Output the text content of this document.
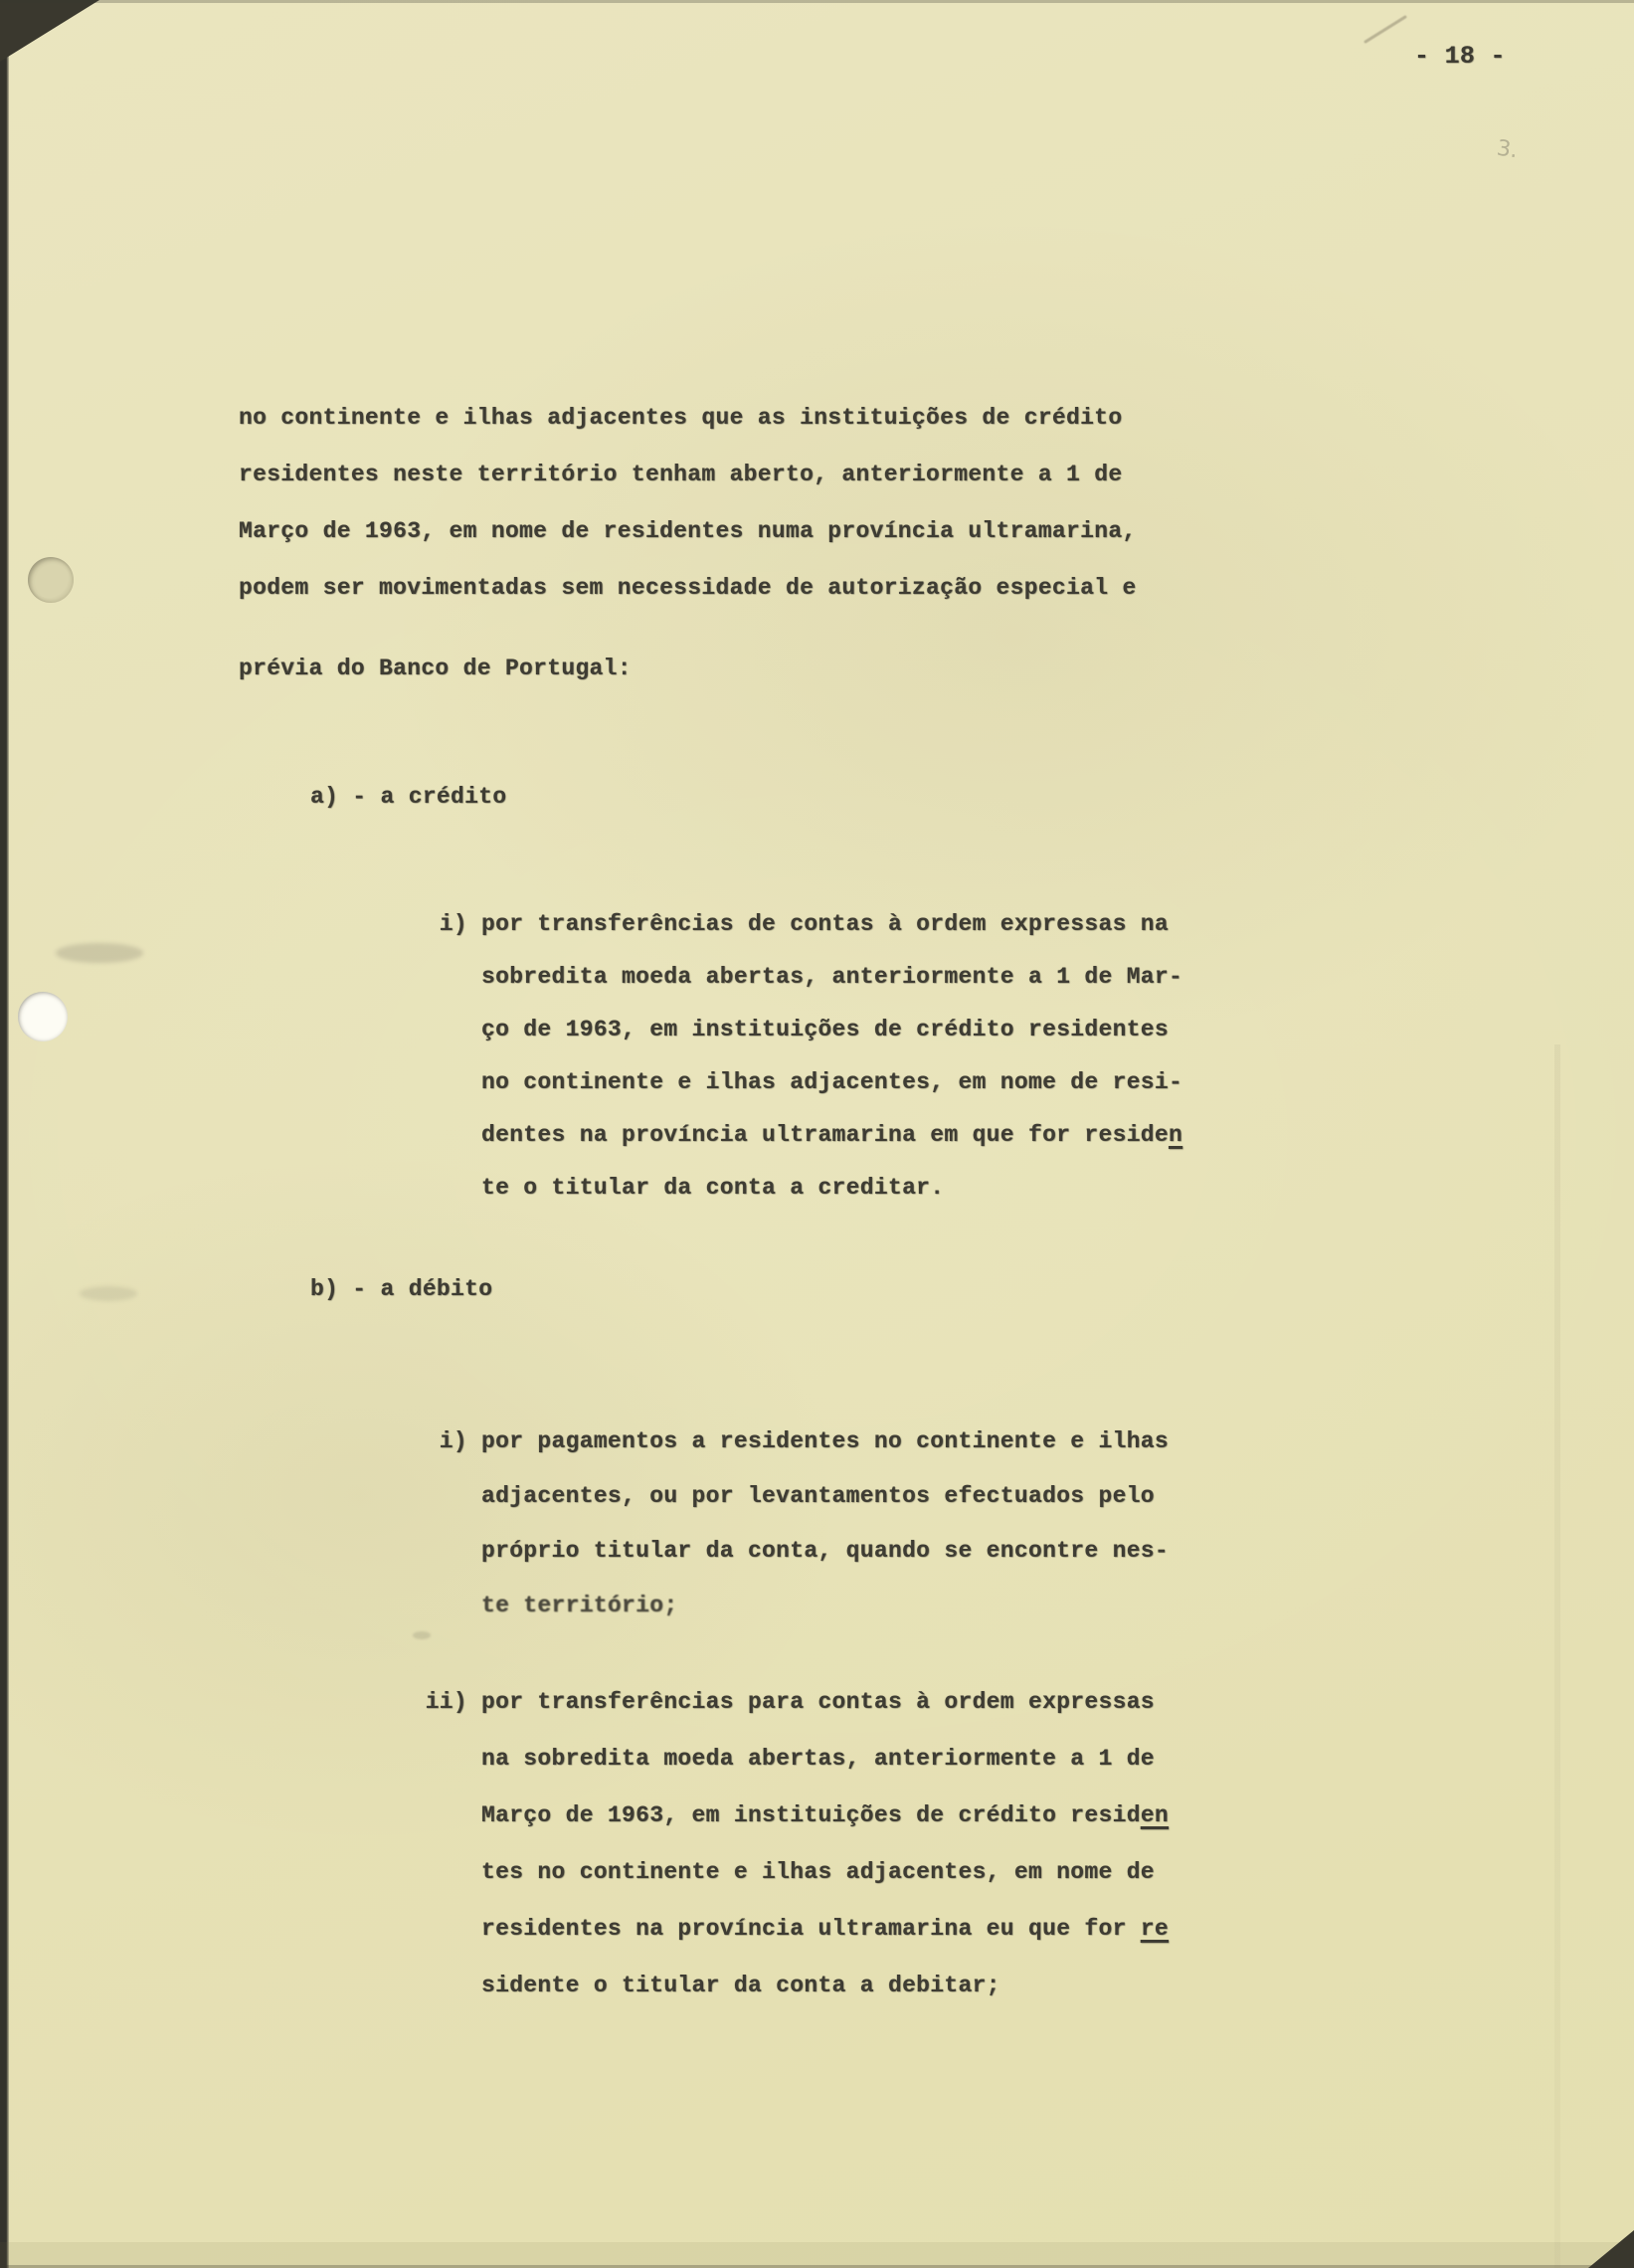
3.
- 18 -
no continente e ilhas adjacentes que as instituições de crédito
residentes neste território tenham aberto, anteriormente a 1 de
Março de 1963, em nome de residentes numa província ultramarina,
podem ser movimentadas sem necessidade de autorização especial e
prévia do Banco de Portugal:
a) - a crédito
i) por transferências de contas à ordem expressas na
sobredita moeda abertas, anteriormente a 1 de Mar-
ço de 1963, em instituições de crédito residentes
no continente e ilhas adjacentes, em nome de resi-
dentes na província ultramarina em que for residen
te o titular da conta a creditar.
b) - a débito
i) por pagamentos a residentes no continente e ilhas
adjacentes, ou por levantamentos efectuados pelo
próprio titular da conta, quando se encontre nes-
te território;
ii) por transferências para contas à ordem expressas
na sobredita moeda abertas, anteriormente a 1 de
Março de 1963, em instituições de crédito residen
tes no continente e ilhas adjacentes, em nome de
residentes na província ultramarina eu que for re
sidente o titular da conta a debitar;
